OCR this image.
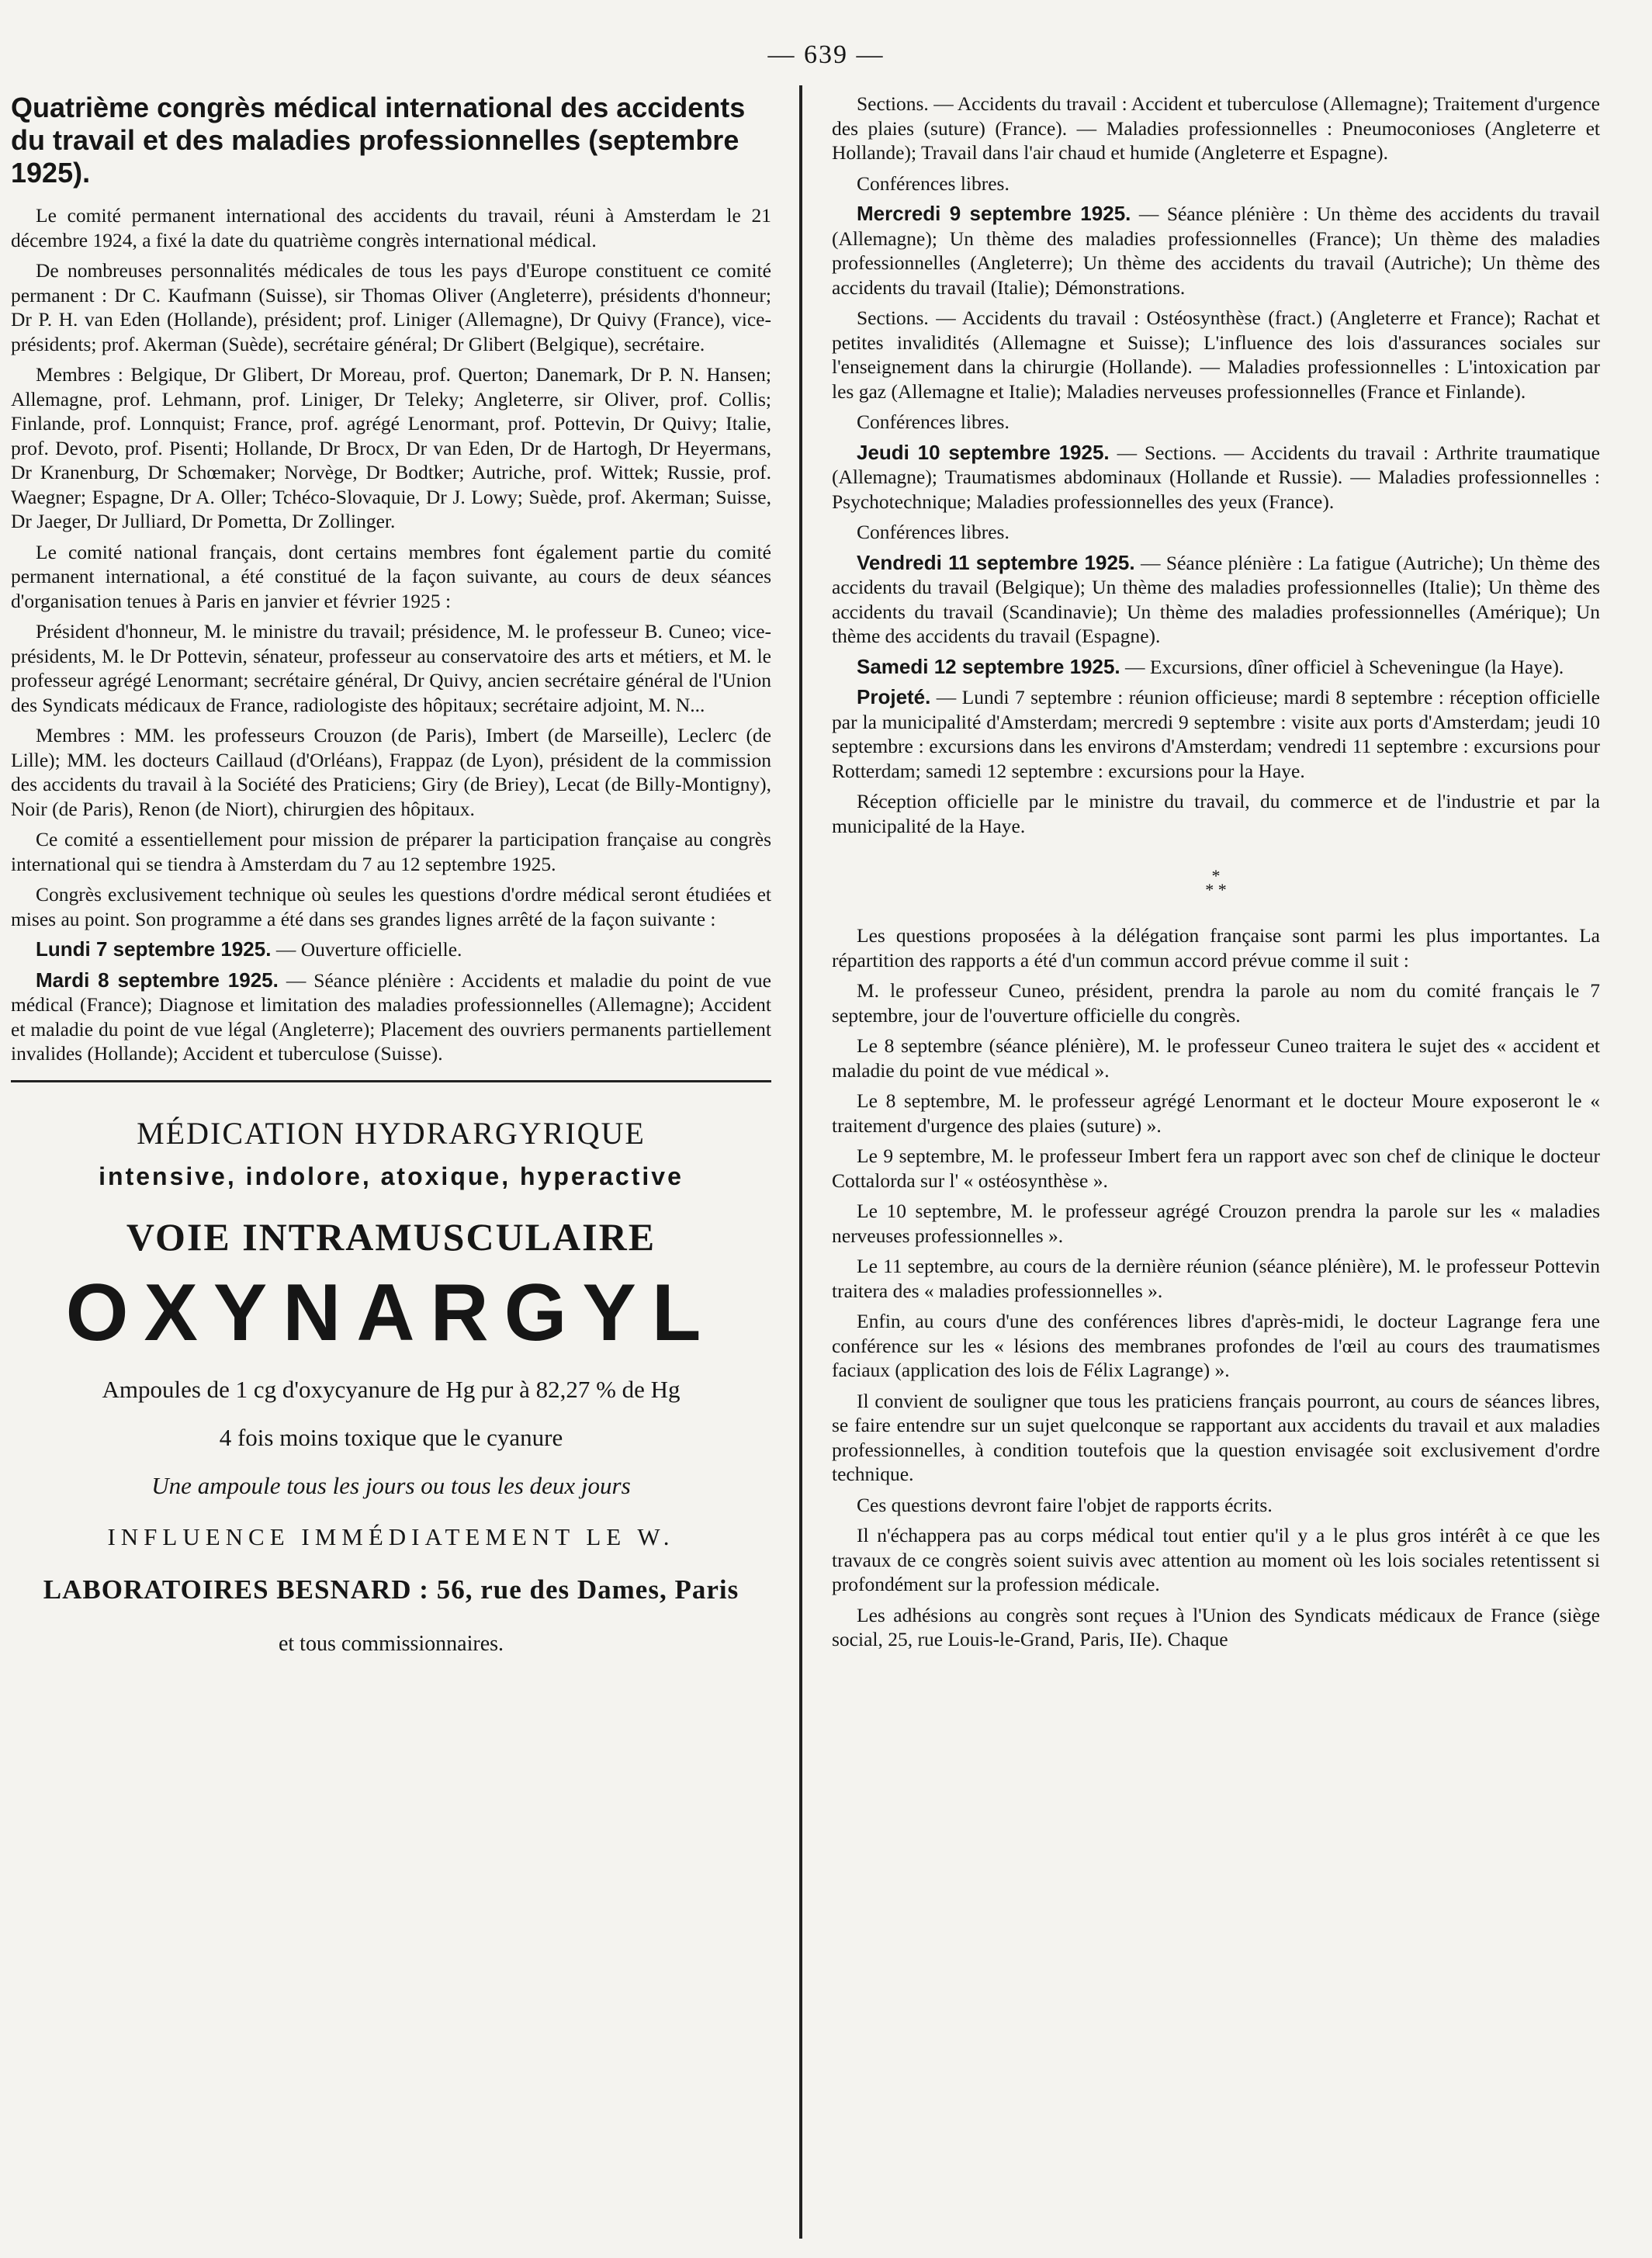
— 639 —
Quatrième congrès médical international des accidents du travail et des maladies professionnelles (septembre 1925).

Le comité permanent international des accidents du travail, réuni à Amsterdam le 21 décembre 1924, a fixé la date du quatrième congrès international médical.

De nombreuses personnalités médicales de tous les pays d'Europe constituent ce comité permanent : Dr C. Kaufmann (Suisse), sir Thomas Oliver (Angleterre), présidents d'honneur; Dr P. H. van Eden (Hollande), président; prof. Liniger (Allemagne), Dr Quivy (France), vice-présidents; prof. Akerman (Suède), secrétaire général; Dr Glibert (Belgique), secrétaire.

Membres : Belgique, Dr Glibert, Dr Moreau, prof. Querton; Danemark, Dr P. N. Hansen; Allemagne, prof. Lehmann, prof. Liniger, Dr Teleky; Angleterre, sir Oliver, prof. Collis; Finlande, prof. Lonnquist; France, prof. agrégé Lenormant, prof. Pottevin, Dr Quivy; Italie, prof. Devoto, prof. Pisenti; Hollande, Dr Brocx, Dr van Eden, Dr de Hartogh, Dr Heyermans, Dr Kranenburg, Dr Schœmaker; Norvège, Dr Bodtker; Autriche, prof. Wittek; Russie, prof. Waegner; Espagne, Dr A. Oller; Tchéco-Slovaquie, Dr J. Lowy; Suède, prof. Akerman; Suisse, Dr Jaeger, Dr Julliard, Dr Pometta, Dr Zollinger.

Le comité national français, dont certains membres font également partie du comité permanent international, a été constitué de la façon suivante, au cours de deux séances d'organisation tenues à Paris en janvier et février 1925 :

Président d'honneur, M. le ministre du travail; présidence, M. le professeur B. Cuneo; vice-présidents, M. le Dr Pottevin, sénateur, professeur au conservatoire des arts et métiers, et M. le professeur agrégé Lenormant; secrétaire général, Dr Quivy, ancien secrétaire général de l'Union des Syndicats médicaux de France, radiologiste des hôpitaux; secrétaire adjoint, M. N...

Membres : MM. les professeurs Crouzon (de Paris), Imbert (de Marseille), Leclerc (de Lille); MM. les docteurs Caillaud (d'Orléans), Frappaz (de Lyon), président de la commission des accidents du travail à la Société des Praticiens; Giry (de Briey), Lecat (de Billy-Montigny), Noir (de Paris), Renon (de Niort), chirurgien des hôpitaux.

Ce comité a essentiellement pour mission de préparer la participation française au congrès international qui se tiendra à Amsterdam du 7 au 12 septembre 1925.

Congrès exclusivement technique où seules les questions d'ordre médical seront étudiées et mises au point. Son programme a été dans ses grandes lignes arrêté de la façon suivante :

Lundi 7 septembre 1925. — Ouverture officielle.

Mardi 8 septembre 1925. — Séance plénière : Accidents et maladie du point de vue médical (France); Diagnose et limitation des maladies professionnelles (Allemagne); Accident et maladie du point de vue légal (Angleterre); Placement des ouvriers permanents partiellement invalides (Hollande); Accident et tuberculose (Suisse).

MÉDICATION HYDRARGYRIQUE
intensive, indolore, atoxique, hyperactive
VOIE INTRAMUSCULAIRE
OXYNARGYL
Ampoules de 1 cg d'oxycyanure de Hg pur à 82,27 % de Hg
4 fois moins toxique que le cyanure
Une ampoule tous les jours ou tous les deux jours
INFLUENCE IMMÉDIATEMENT LE W.
LABORATOIRES BESNARD : 56, rue des Dames, Paris
et tous commissionnaires.

Sections. — Accidents du travail : Accident et tuberculose (Allemagne); Traitement d'urgence des plaies (suture) (France). — Maladies professionnelles : Pneumoconioses (Angleterre et Hollande); Travail dans l'air chaud et humide (Angleterre et Espagne).

Conférences libres.

Mercredi 9 septembre 1925. — Séance plénière : Un thème des accidents du travail (Allemagne); Un thème des maladies professionnelles (France); Un thème des maladies professionnelles (Angleterre); Un thème des accidents du travail (Autriche); Un thème des accidents du travail (Italie); Démonstrations.

Sections. — Accidents du travail : Ostéosynthèse (fract.) (Angleterre et France); Rachat et petites invalidités (Allemagne et Suisse); L'influence des lois d'assurances sociales sur l'enseignement dans la chirurgie (Hollande). — Maladies professionnelles : L'intoxication par les gaz (Allemagne et Italie); Maladies nerveuses professionnelles (France et Finlande).

Conférences libres.

Jeudi 10 septembre 1925. — Sections. — Accidents du travail : Arthrite traumatique (Allemagne); Traumatismes abdominaux (Hollande et Russie). — Maladies professionnelles : Psychotechnique; Maladies professionnelles des yeux (France).

Conférences libres.

Vendredi 11 septembre 1925. — Séance plénière : La fatigue (Autriche); Un thème des accidents du travail (Belgique); Un thème des maladies professionnelles (Italie); Un thème des accidents du travail (Scandinavie); Un thème des maladies professionnelles (Amérique); Un thème des accidents du travail (Espagne).

Samedi 12 septembre 1925. — Excursions, dîner officiel à Scheveningue (la Haye).

Projeté. — Lundi 7 septembre : réunion officieuse; mardi 8 septembre : réception officielle par la municipalité d'Amsterdam; mercredi 9 septembre : visite aux ports d'Amsterdam; jeudi 10 septembre : excursions dans les environs d'Amsterdam; vendredi 11 septembre : excursions pour Rotterdam; samedi 12 septembre : excursions pour la Haye.

Réception officielle par le ministre du travail, du commerce et de l'industrie et par la municipalité de la Haye.

*
* *

Les questions proposées à la délégation française sont parmi les plus importantes. La répartition des rapports a été d'un commun accord prévue comme il suit :

M. le professeur Cuneo, président, prendra la parole au nom du comité français le 7 septembre, jour de l'ouverture officielle du congrès.

Le 8 septembre (séance plénière), M. le professeur Cuneo traitera le sujet des « accident et maladie du point de vue médical ».

Le 8 septembre, M. le professeur agrégé Lenormant et le docteur Moure exposeront le « traitement d'urgence des plaies (suture) ».

Le 9 septembre, M. le professeur Imbert fera un rapport avec son chef de clinique le docteur Cottalorda sur l' « ostéosynthèse ».

Le 10 septembre, M. le professeur agrégé Crouzon prendra la parole sur les « maladies nerveuses professionnelles ».

Le 11 septembre, au cours de la dernière réunion (séance plénière), M. le professeur Pottevin traitera des « maladies professionnelles ».

Enfin, au cours d'une des conférences libres d'après-midi, le docteur Lagrange fera une conférence sur les « lésions des membranes profondes de l'œil au cours des traumatismes faciaux (application des lois de Félix Lagrange) ».

Il convient de souligner que tous les praticiens français pourront, au cours de séances libres, se faire entendre sur un sujet quelconque se rapportant aux accidents du travail et aux maladies professionnelles, à condition toutefois que la question envisagée soit exclusivement d'ordre technique.

Ces questions devront faire l'objet de rapports écrits.

Il n'échappera pas au corps médical tout entier qu'il y a le plus gros intérêt à ce que les travaux de ce congrès soient suivis avec attention au moment où les lois sociales retentissent si profondément sur la profession médicale.

Les adhésions au congrès sont reçues à l'Union des Syndicats médicaux de France (siège social, 25, rue Louis-le-Grand, Paris, IIe). Chaque
